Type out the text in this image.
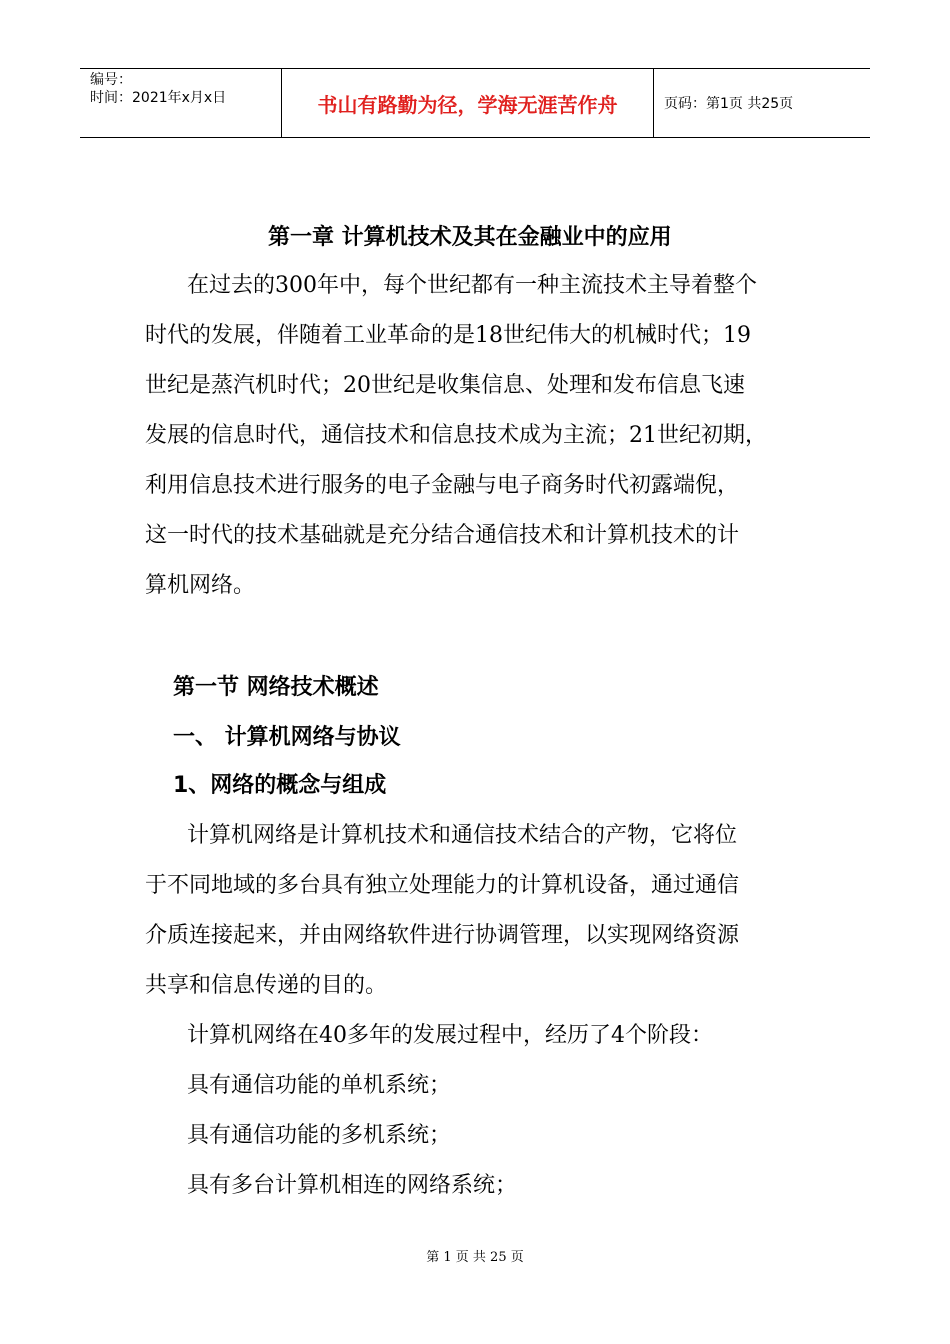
编号：
时间：2021年x月x日	书山有路勤为径，学海无涯苦作舟	页码：第1页 共25页
第一章 计算机技术及其在金融业中的应用
在过去的300年中，每个世纪都有一种主流技术主导着整个
时代的发展，伴随着工业革命的是18世纪伟大的机械时代；19
世纪是蒸汽机时代；20世纪是收集信息、处理和发布信息飞速
发展的信息时代，通信技术和信息技术成为主流；21世纪初期，
利用信息技术进行服务的电子金融与电子商务时代初露端倪，
这一时代的技术基础就是充分结合通信技术和计算机技术的计
算机网络。
第一节 网络技术概述
一、 计算机网络与协议
1、网络的概念与组成
计算机网络是计算机技术和通信技术结合的产物，它将位
于不同地域的多台具有独立处理能力的计算机设备，通过通信
介质连接起来，并由网络软件进行协调管理，以实现网络资源
共享和信息传递的目的。
计算机网络在40多年的发展过程中，经历了4个阶段：
具有通信功能的单机系统；
具有通信功能的多机系统；
具有多台计算机相连的网络系统；
第 1 页 共 25 页
